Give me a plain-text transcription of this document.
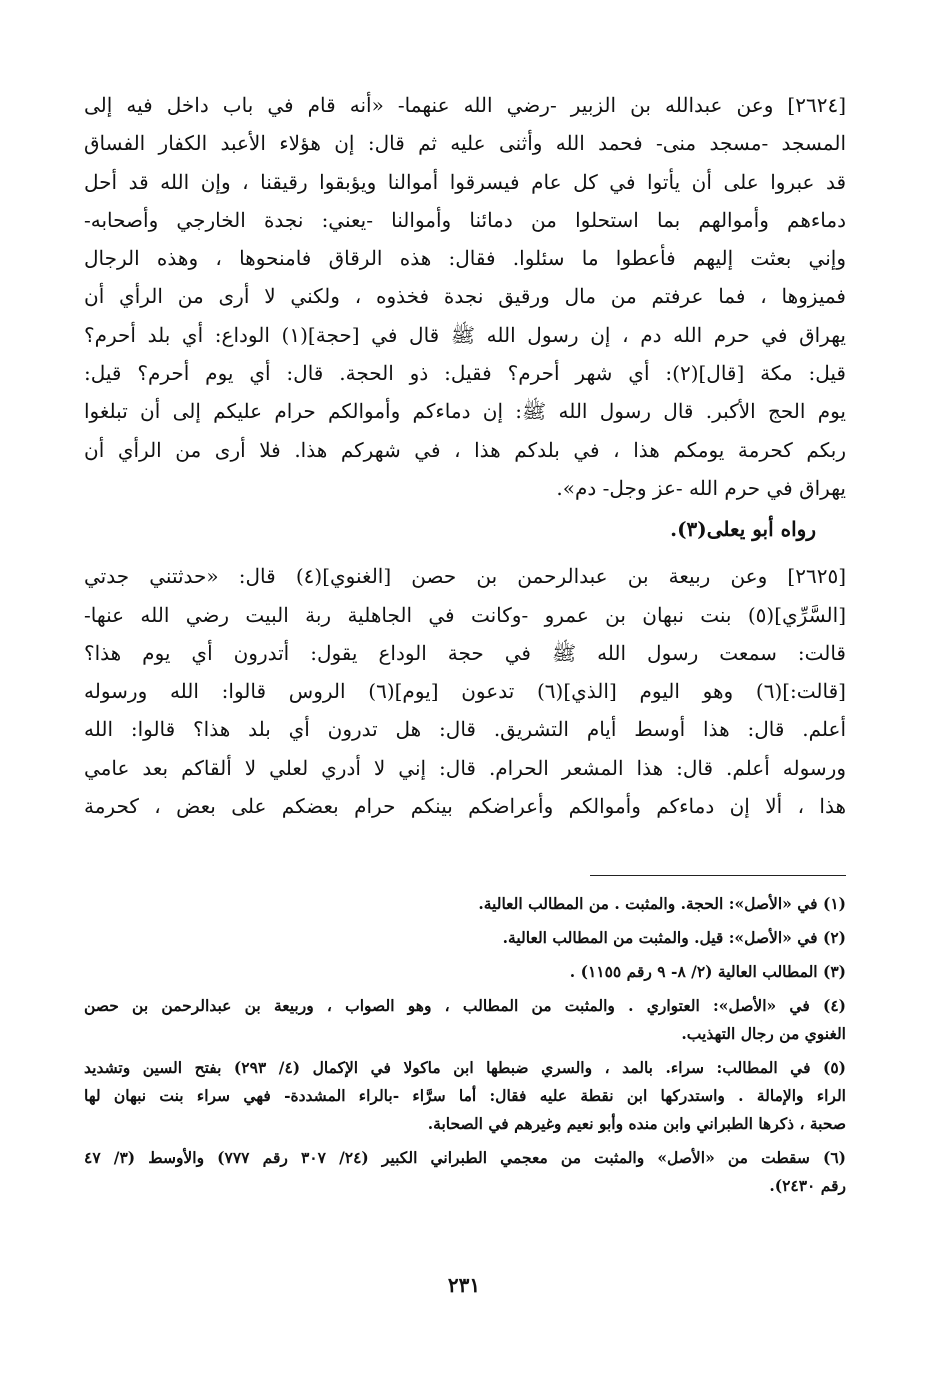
[٢٦٢٤] وعن عبدالله بن الزبير -رضي الله عنهما- «أنه قام في باب داخل فيه إلى
المسجد -مسجد منى- فحمد الله وأثنى عليه ثم قال: إن هؤلاء الأعبد الكفار الفساق
قد عبروا على أن يأتوا في كل عام فيسرقوا أموالنا ويؤبقوا رقيقنا ، وإن الله قد أحل
دماءهم وأموالهم بما استحلوا من دمائنا وأموالنا -يعني: نجدة الخارجي وأصحابه-
وإني بعثت إليهم فأعطوا ما سئلوا. فقال: هذه الرقاق فامنحوها ، وهذه الرجال
فميزوها ، فما عرفتم من مال ورقيق نجدة فخذوه ، ولكني لا أرى من الرأي أن
يهراق في حرم الله دم ، إن رسول الله ﷺ قال في [حجة](١) الوداع: أي بلد أحرم؟
قيل: مكة [قال](٢): أي شهر أحرم؟ فقيل: ذو الحجة. قال: أي يوم أحرم؟ قيل:
يوم الحج الأكبر. قال رسول الله ﷺ: إن دماءكم وأموالكم حرام عليكم إلى أن تبلغوا
ربكم كحرمة يومكم هذا ، في بلدكم هذا ، في شهركم هذا. فلا أرى من الرأي أن
يهراق في حرم الله -عز وجل- دم».
رواه أبو يعلى(٣).
[٢٦٢٥] وعن ربيعة بن عبدالرحمن بن حصن [الغنوي](٤) قال: «حدثتني جدتي
[السَّرِّي](٥) بنت نبهان بن عمرو -وكانت في الجاهلية ربة البيت رضي الله عنها-
قالت: سمعت رسول الله ﷺ في حجة الوداع يقول: أتدرون أي يوم هذا؟
[قالت:](٦) وهو اليوم [الذي](٦) تدعون [يوم](٦) الروس قالوا: الله ورسوله
أعلم. قال: هذا أوسط أيام التشريق. قال: هل تدرون أي بلد هذا؟ قالوا: الله
ورسوله أعلم. قال: هذا المشعر الحرام. قال: إني لا أدري لعلي لا ألقاكم بعد عامي
هذا ، ألا إن دماءكم وأموالكم وأعراضكم بينكم حرام بعضكم على بعض ، كحرمة
(١) في «الأصل»: الحجة. والمثبت . من المطالب العالية.
(٢) في «الأصل»: قيل. والمثبت من المطالب العالية.
(٣) المطالب العالية (٢/ ٨- ٩ رقم ١١٥٥) .
(٤) في «الأصل»: العتواري . والمثبت من المطالب ، وهو الصواب ، وربيعة بن عبدالرحمن بن حصن
الغنوي من رجال التهذيب.
(٥) في المطالب: سراء. بالمد ، والسري ضبطها ابن ماكولا في الإكمال (٤/ ٢٩٣) بفتح السين وتشديد
الراء والإمالة . واستدركها ابن نقطة عليه فقال: أما سرَّاء -بالراء المشددة- فهي سراء بنت نبهان لها
صحبة ، ذكرها الطبراني وابن منده وأبو نعيم وغيرهم في الصحابة.
(٦) سقطت من «الأصل» والمثبت من معجمي الطبراني الكبير (٢٤/ ٣٠٧ رقم ٧٧٧) والأوسط (٣/ ٤٧
رقم ٢٤٣٠).
٢٣١
